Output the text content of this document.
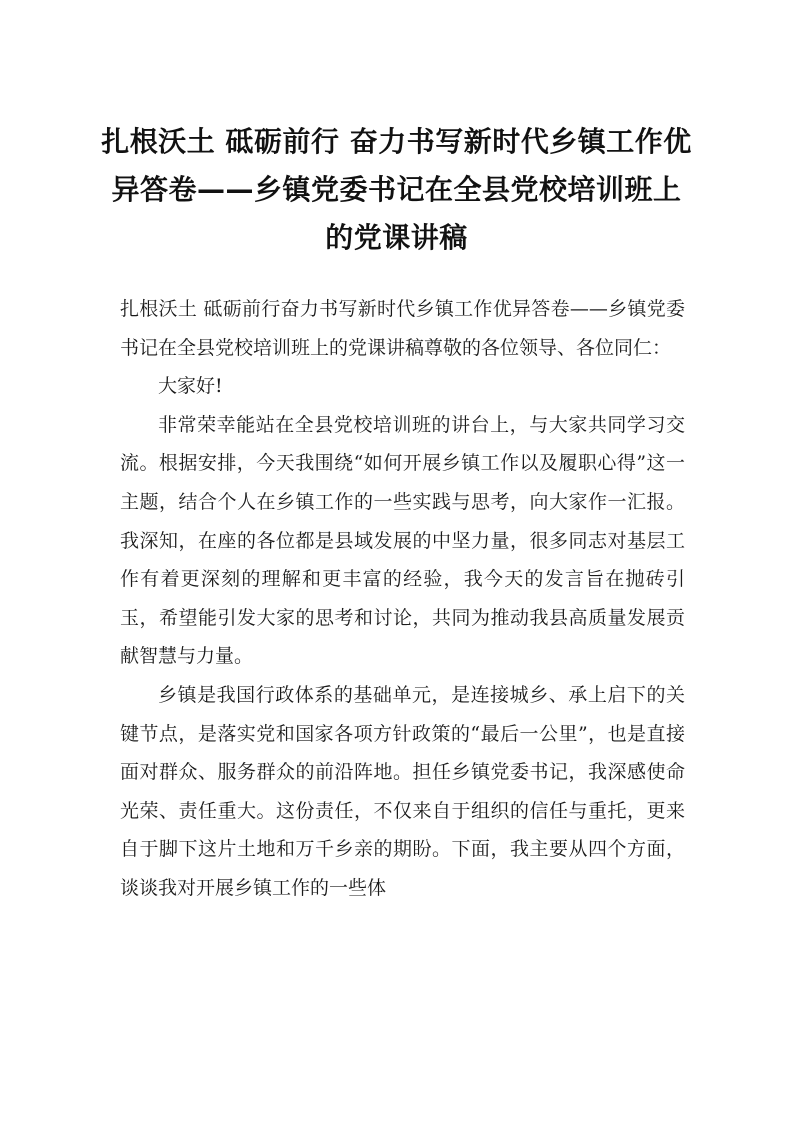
扎根沃土 砥砺前行 奋力书写新时代乡镇工作优异答卷——乡镇党委书记在全县党校培训班上的党课讲稿

扎根沃土 砥砺前行奋力书写新时代乡镇工作优异答卷——乡镇党委书记在全县党校培训班上的党课讲稿尊敬的各位领导、各位同仁：

大家好!

非常荣幸能站在全县党校培训班的讲台上，与大家共同学习交流。根据安排，今天我围绕“如何开展乡镇工作以及履职心得”这一主题，结合个人在乡镇工作的一些实践与思考，向大家作一汇报。我深知，在座的各位都是县域发展的中坚力量，很多同志对基层工作有着更深刻的理解和更丰富的经验，我今天的发言旨在抛砖引玉，希望能引发大家的思考和讨论，共同为推动我县高质量发展贡献智慧与力量。

乡镇是我国行政体系的基础单元，是连接城乡、承上启下的关键节点，是落实党和国家各项方针政策的“最后一公里”，也是直接面对群众、服务群众的前沿阵地。担任乡镇党委书记，我深感使命光荣、责任重大。这份责任，不仅来自于组织的信任与重托，更来自于脚下这片土地和万千乡亲的期盼。下面，我主要从四个方面，谈谈我对开展乡镇工作的一些体
